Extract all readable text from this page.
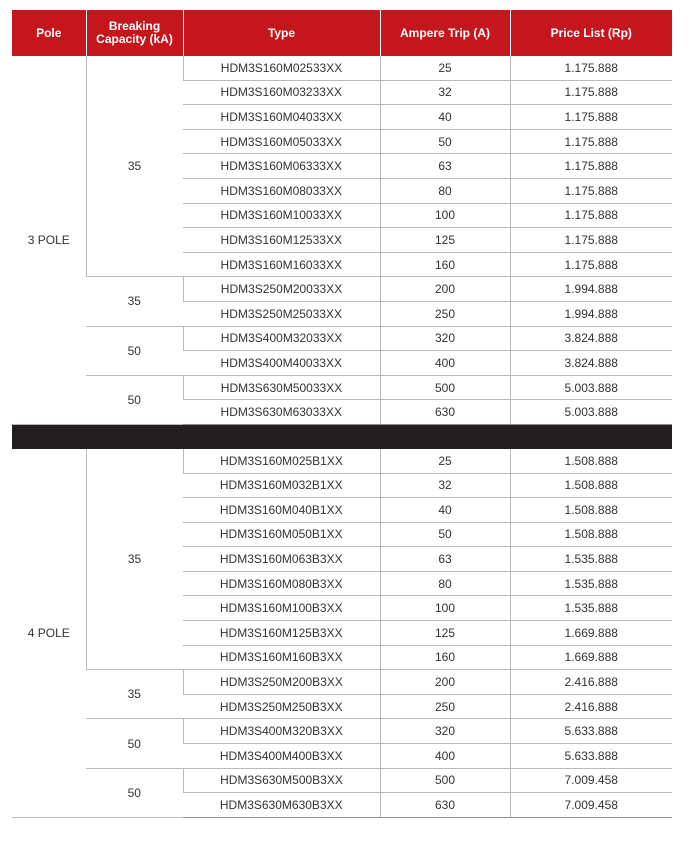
Pole	Breaking Capacity (kA)	Type	Ampere Trip (A)	Price List (Rp)
3 POLE	35	HDM3S160M02533XX	25	1.175.888
		HDM3S160M03233XX	32	1.175.888
		HDM3S160M04033XX	40	1.175.888
		HDM3S160M05033XX	50	1.175.888
		HDM3S160M06333XX	63	1.175.888
		HDM3S160M08033XX	80	1.175.888
		HDM3S160M10033XX	100	1.175.888
		HDM3S160M12533XX	125	1.175.888
		HDM3S160M16033XX	160	1.175.888
	35	HDM3S250M20033XX	200	1.994.888
		HDM3S250M25033XX	250	1.994.888
	50	HDM3S400M32033XX	320	3.824.888
		HDM3S400M40033XX	400	3.824.888
	50	HDM3S630M50033XX	500	5.003.888
		HDM3S630M63033XX	630	5.003.888

4 POLE	35	HDM3S160M025B1XX	25	1.508.888
		HDM3S160M032B1XX	32	1.508.888
		HDM3S160M040B1XX	40	1.508.888
		HDM3S160M050B1XX	50	1.508.888
		HDM3S160M063B3XX	63	1.535.888
		HDM3S160M080B3XX	80	1.535.888
		HDM3S160M100B3XX	100	1.535.888
		HDM3S160M125B3XX	125	1.669.888
		HDM3S160M160B3XX	160	1.669.888
	35	HDM3S250M200B3XX	200	2.416.888
		HDM3S250M250B3XX	250	2.416.888
	50	HDM3S400M320B3XX	320	5.633.888
		HDM3S400M400B3XX	400	5.633.888
	50	HDM3S630M500B3XX	500	7.009.458
		HDM3S630M630B3XX	630	7.009.458
